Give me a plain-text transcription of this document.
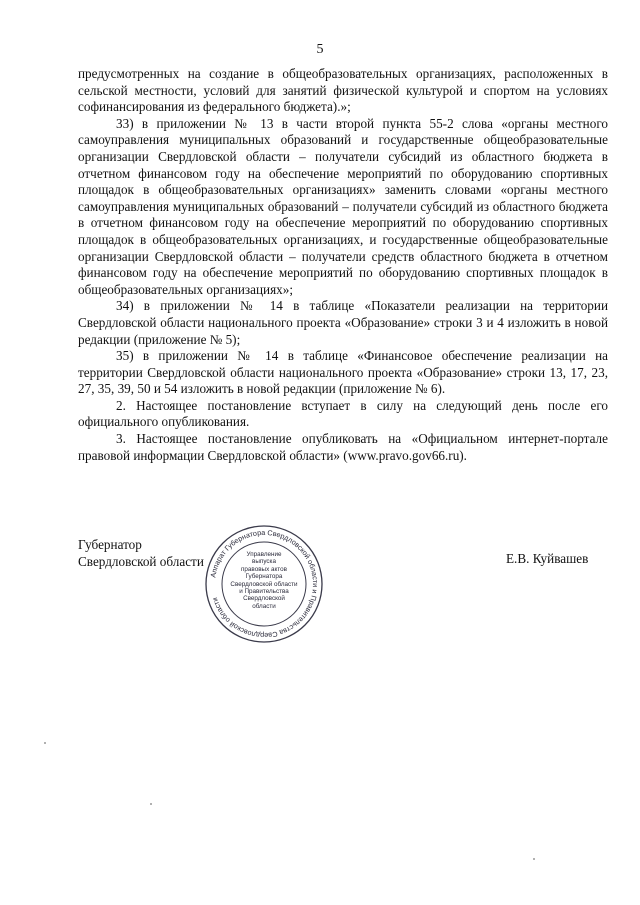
5

предусмотренных на создание в общеобразовательных организациях, расположенных в сельской местности, условий для занятий физической культурой и спортом на условиях софинансирования из федерального бюджета).»;

33) в приложении № 13 в части второй пункта 55-2 слова «органы местного самоуправления муниципальных образований и государственные общеобразовательные организации Свердловской области – получатели субсидий из областного бюджета в отчетном финансовом году на обеспечение мероприятий по оборудованию спортивных площадок в общеобразовательных организациях» заменить словами «органы местного самоуправления муниципальных образований – получатели субсидий из областного бюджета в отчетном финансовом году на обеспечение мероприятий по оборудованию спортивных площадок в общеобразовательных организациях, и государственные общеобразовательные организации Свердловской области – получатели средств областного бюджета в отчетном финансовом году на обеспечение мероприятий по оборудованию спортивных площадок в общеобразовательных организациях»;

34) в приложении № 14 в таблице «Показатели реализации на территории Свердловской области национального проекта «Образование» строки 3 и 4 изложить в новой редакции (приложение № 5);

35) в приложении № 14 в таблице «Финансовое обеспечение реализации на территории Свердловской области национального проекта «Образование» строки 13, 17, 23, 27, 35, 39, 50 и 54 изложить в новой редакции (приложение № 6).

2. Настоящее постановление вступает в силу на следующий день после его официального опубликования.

3. Настоящее постановление опубликовать на «Официальном интернет-портале правовой информации Свердловской области» (www.pravo.gov66.ru).

Губернатор
Свердловской области	Е.В. Куйвашев
Аппарат Губернатора Свердловской области и Правительства Свердловской области
Управление
выпуска
правовых актов
Губернатора
Свердловской области
и Правительства
Свердловской
области
